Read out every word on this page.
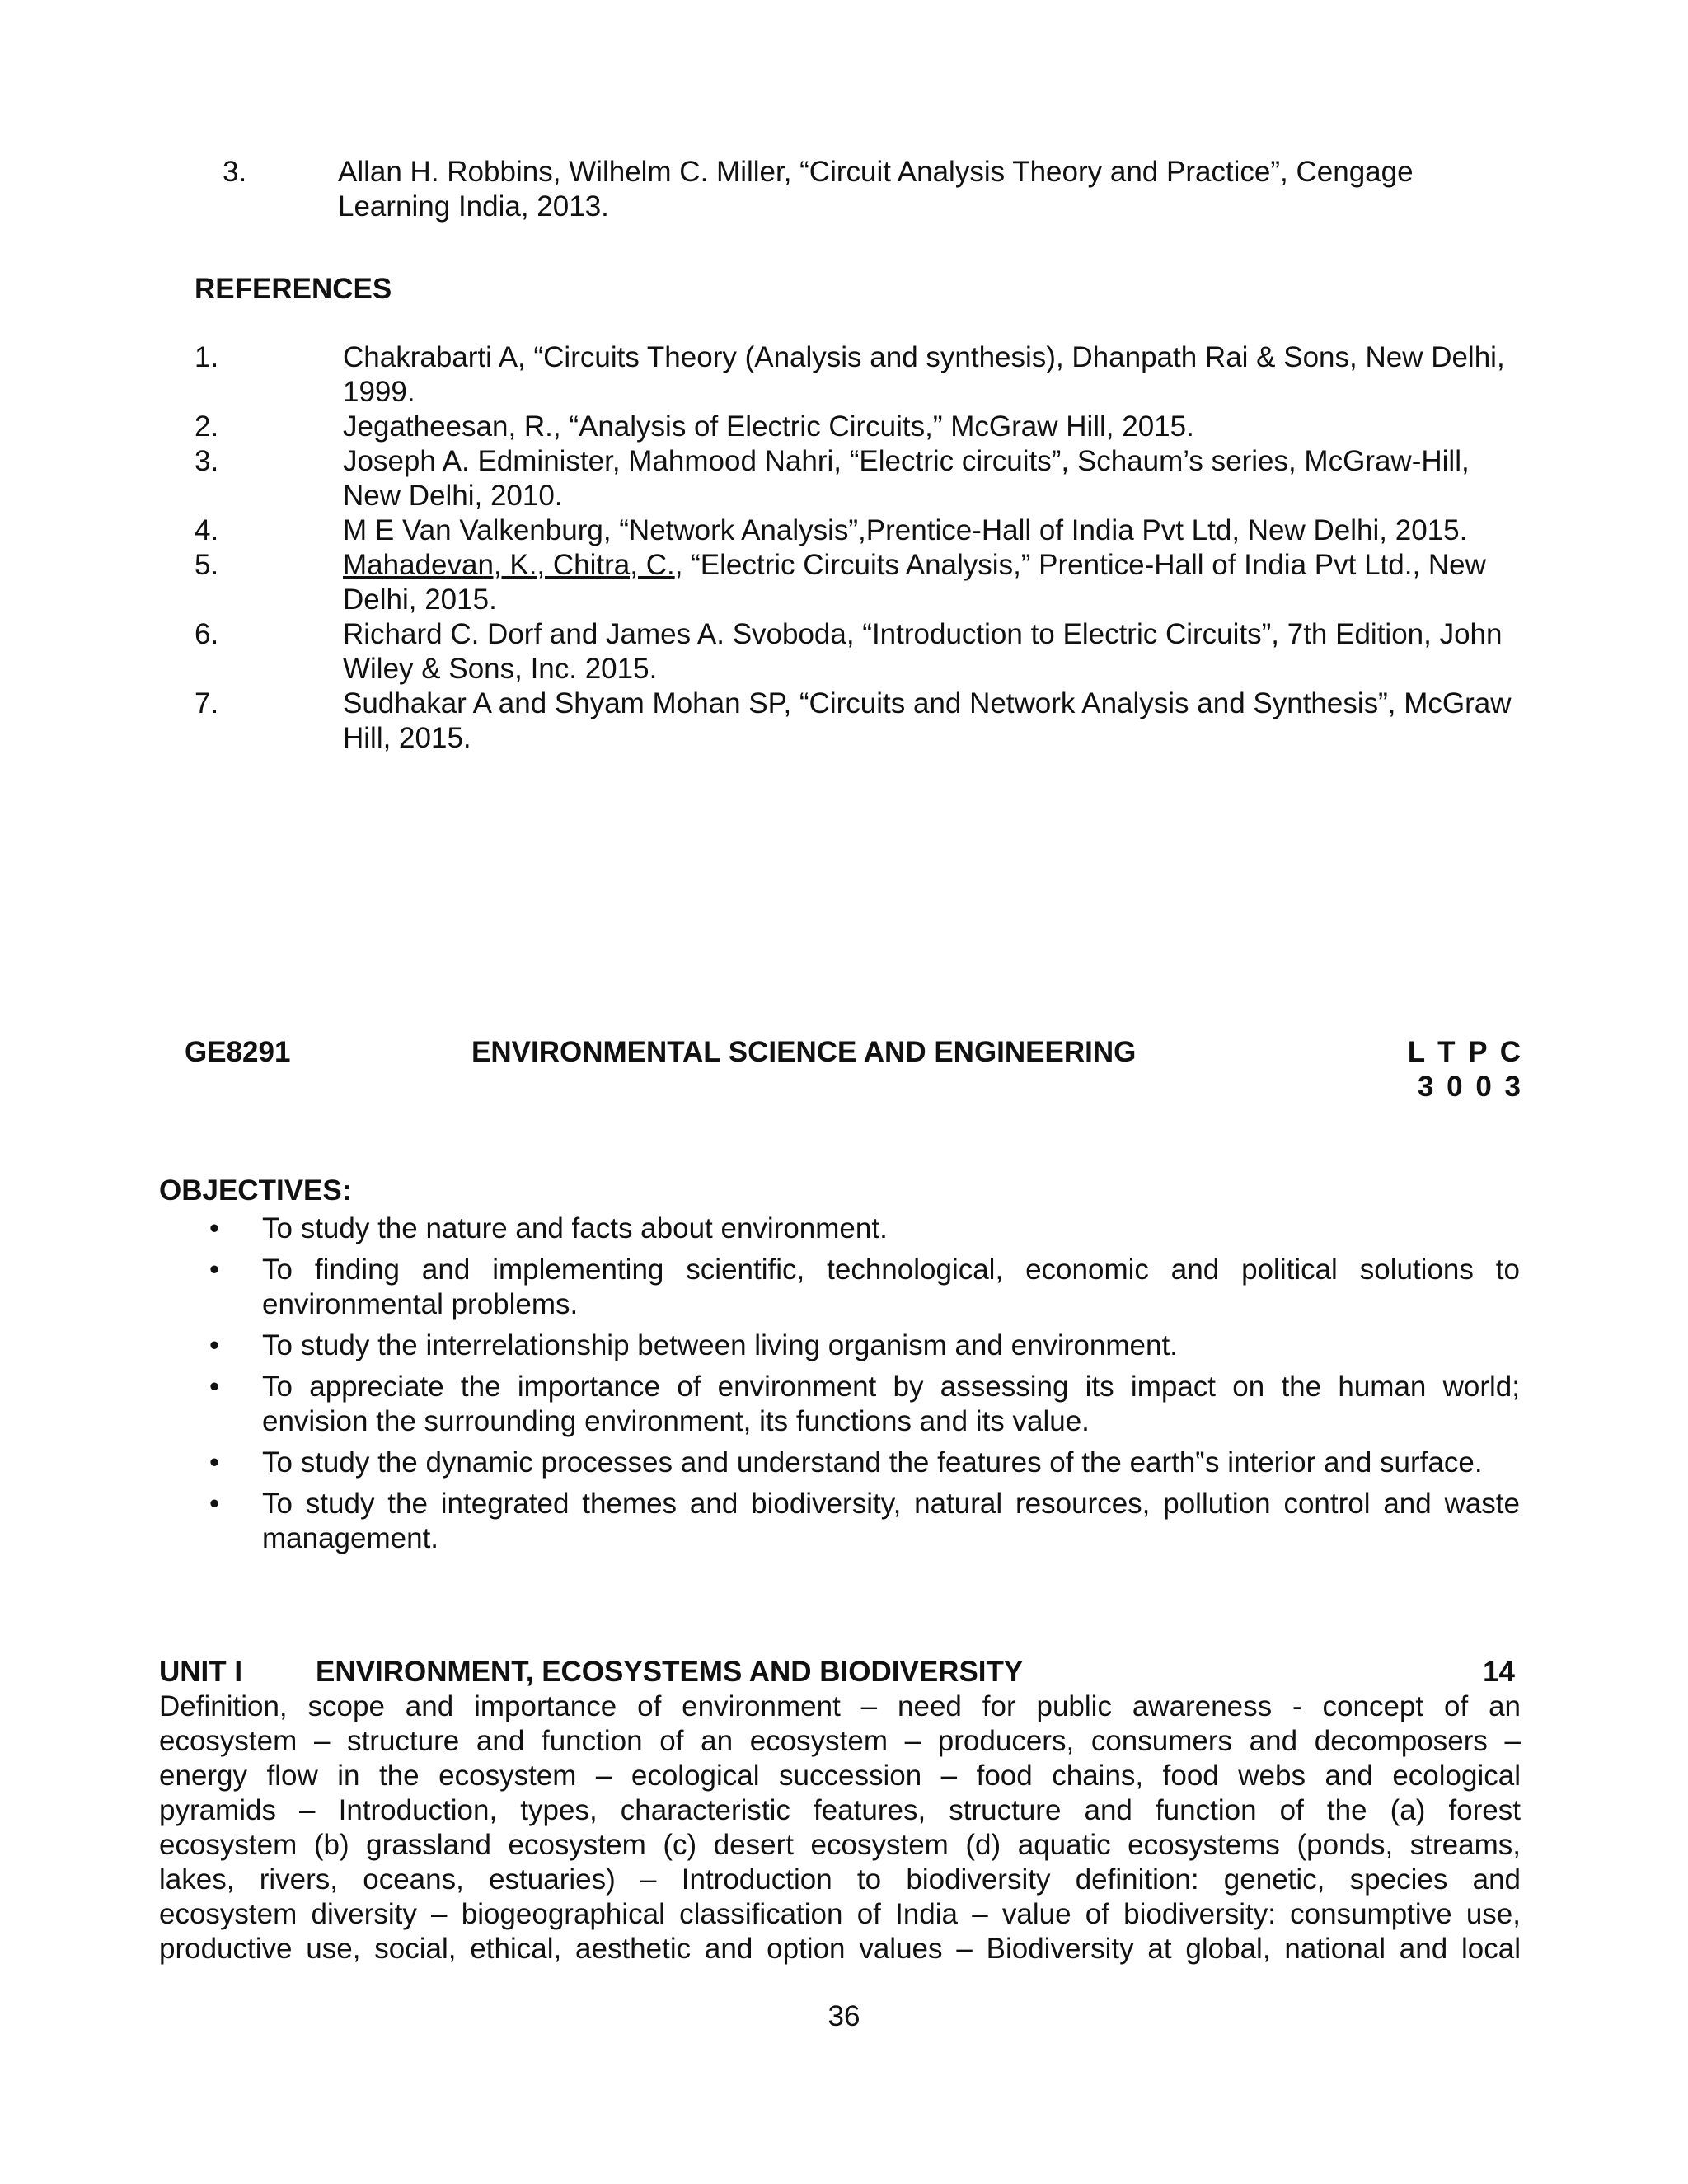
3.	Allan H. Robbins, Wilhelm C. Miller, “Circuit Analysis Theory and Practice”, Cengage Learning India, 2013.
REFERENCES
1.	Chakrabarti A, “Circuits Theory (Analysis and synthesis), Dhanpath Rai & Sons, New Delhi, 1999.
2.	Jegatheesan, R., “Analysis of Electric Circuits,” McGraw Hill, 2015.
3.	Joseph A. Edminister, Mahmood Nahri, “Electric circuits”, Schaum’s series, McGraw-Hill, New Delhi, 2010.
4.	M E Van Valkenburg, “Network Analysis”,Prentice-Hall of India Pvt Ltd, New Delhi, 2015.
5.	Mahadevan, K., Chitra, C., “Electric Circuits Analysis,” Prentice-Hall of India Pvt Ltd., New Delhi, 2015.
6.	Richard C. Dorf and James A. Svoboda, “Introduction to Electric Circuits”, 7th Edition, John Wiley & Sons, Inc. 2015.
7.	Sudhakar A and Shyam Mohan SP, “Circuits and Network Analysis and Synthesis”, McGraw Hill, 2015.
GE8291	ENVIRONMENTAL SCIENCE AND ENGINEERING	L T P C
3 0 0 3
OBJECTIVES:
•	To study the nature and facts about environment.
•	To finding and implementing scientific, technological, economic and political solutions to environmental problems.
•	To study the interrelationship between living organism and environment.
•	To appreciate the importance of environment by assessing its impact on the human world; envision the surrounding environment, its functions and its value.
•	To study the dynamic processes and understand the features of the earth‟s interior and surface.
•	To study the integrated themes and biodiversity, natural resources, pollution control and waste management.
UNIT I	ENVIRONMENT, ECOSYSTEMS AND BIODIVERSITY	14
Definition, scope and importance of environment – need for public awareness - concept of an
ecosystem – structure and function of an ecosystem – producers, consumers and decomposers –
energy flow in the ecosystem – ecological succession – food chains, food webs and ecological
pyramids – Introduction, types, characteristic features, structure and function of the (a) forest
ecosystem (b) grassland ecosystem (c) desert ecosystem (d) aquatic ecosystems (ponds, streams,
lakes, rivers, oceans, estuaries) – Introduction to biodiversity definition: genetic, species and
ecosystem diversity – biogeographical classification of India – value of biodiversity: consumptive use,
productive use, social, ethical, aesthetic and option values – Biodiversity at global, national and local
36
